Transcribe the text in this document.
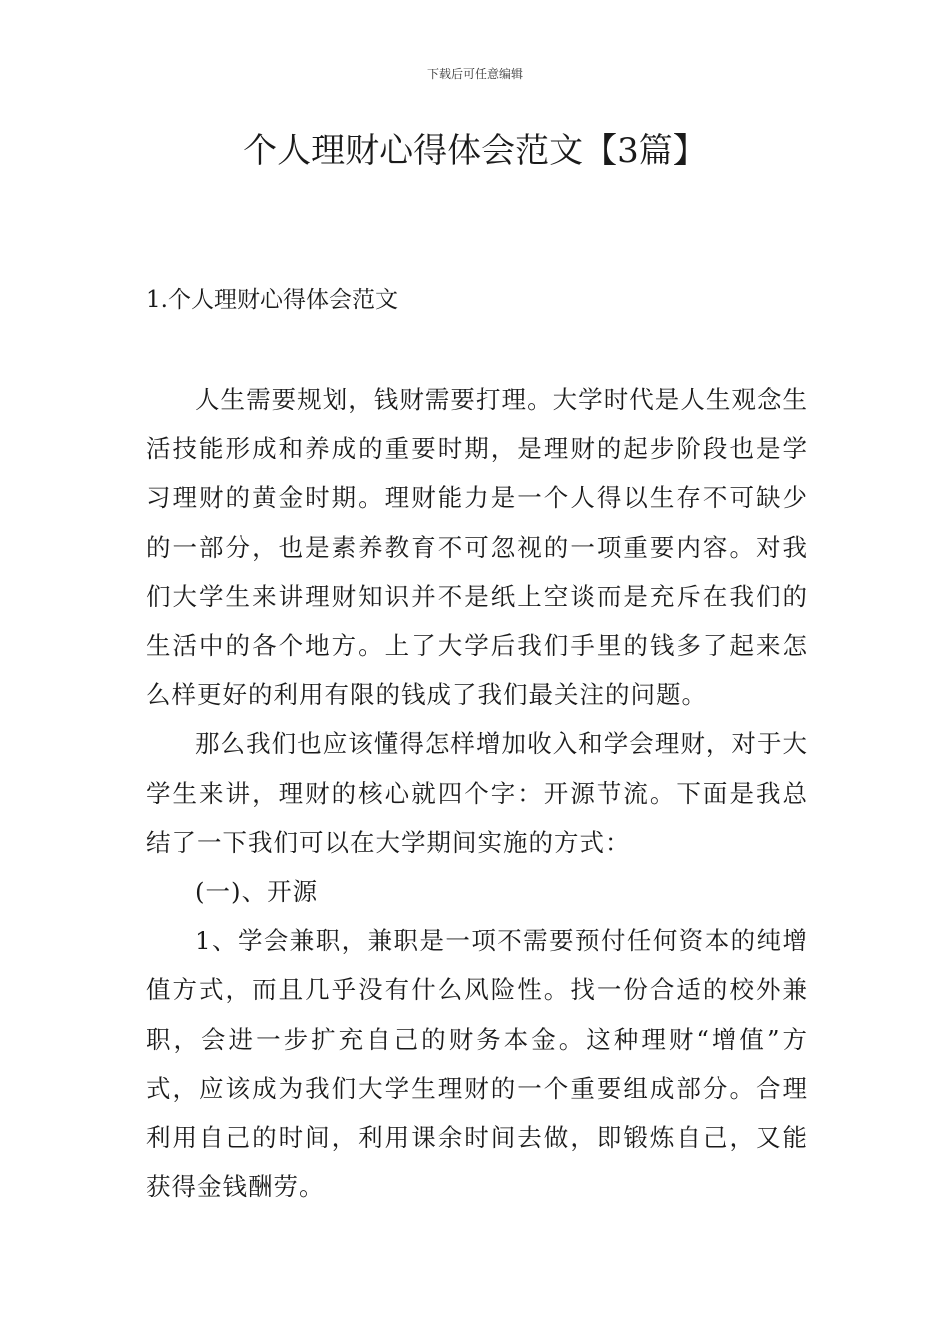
下载后可任意编辑
个人理财心得体会范文【3篇】
1.个人理财心得体会范文

人生需要规划，钱财需要打理。大学时代是人生观念生活技能形成和养成的重要时期，是理财的起步阶段也是学习理财的黄金时期。理财能力是一个人得以生存不可缺少的一部分，也是素养教育不可忽视的一项重要内容。对我们大学生来讲理财知识并不是纸上空谈而是充斥在我们的生活中的各个地方。上了大学后我们手里的钱多了起来怎么样更好的利用有限的钱成了我们最关注的问题。

那么我们也应该懂得怎样增加收入和学会理财，对于大学生来讲，理财的核心就四个字：开源节流。下面是我总结了一下我们可以在大学期间实施的方式：

(一)、开源

1、学会兼职，兼职是一项不需要预付任何资本的纯增值方式，而且几乎没有什么风险性。找一份合适的校外兼职，会进一步扩充自己的财务本金。这种理财“增值”方式，应该成为我们大学生理财的一个重要组成部分。合理利用自己的时间，利用课余时间去做，即锻炼自己，又能获得金钱酬劳。
